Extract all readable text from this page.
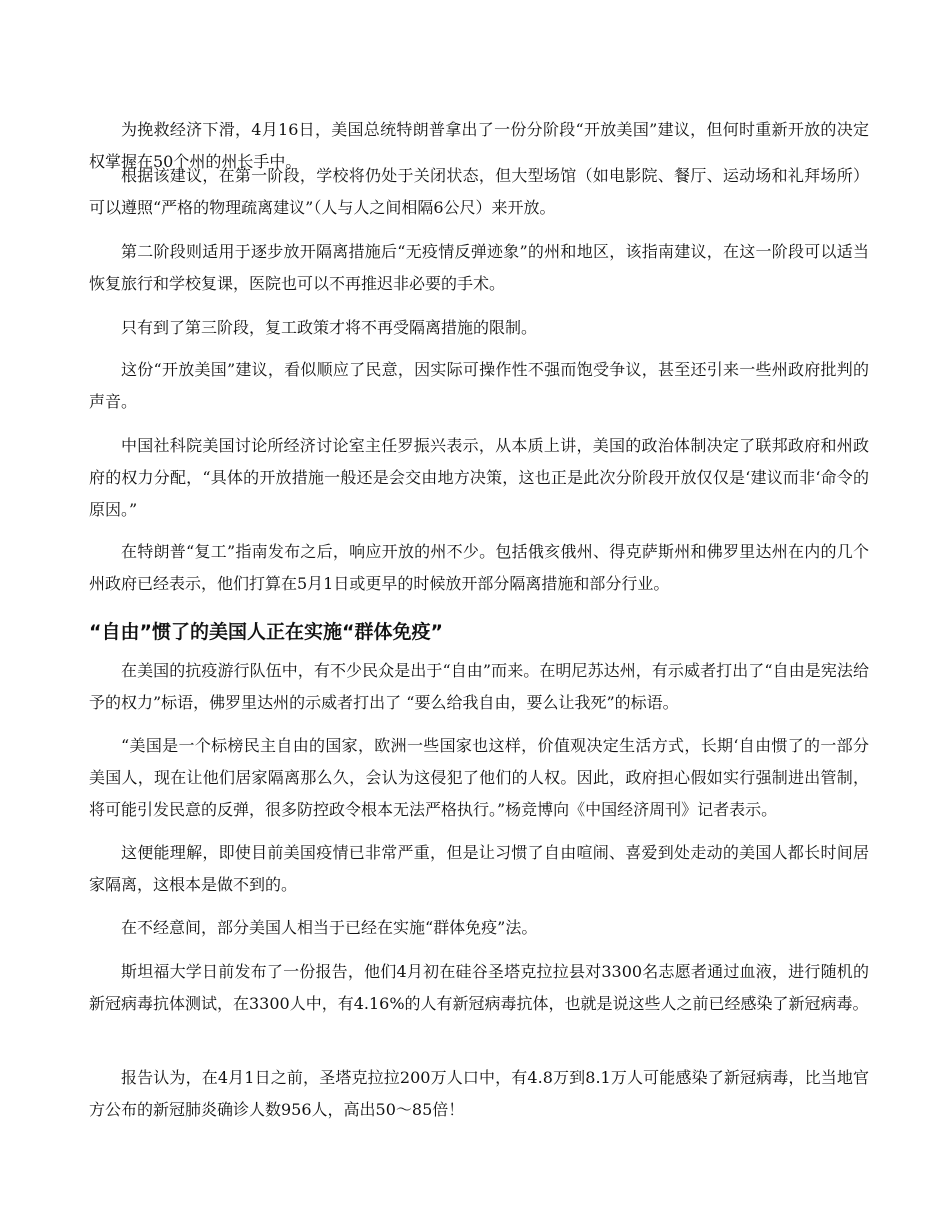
为挽救经济下滑，4月16日，美国总统特朗普拿出了一份分阶段“开放美国”建议，但何时重新开放的决定权掌握在50个州的州长手中。

根据该建议，在第一阶段，学校将仍处于关闭状态，但大型场馆（如电影院、餐厅、运动场和礼拜场所）可以遵照“严格的物理疏离建议”（人与人之间相隔6公尺）来开放。

第二阶段则适用于逐步放开隔离措施后“无疫情反弹迹象”的州和地区，该指南建议，在这一阶段可以适当恢复旅行和学校复课，医院也可以不再推迟非必要的手术。

只有到了第三阶段，复工政策才将不再受隔离措施的限制。

这份“开放美国”建议，看似顺应了民意，因实际可操作性不强而饱受争议，甚至还引来一些州政府批判的声音。

中国社科院美国讨论所经济讨论室主任罗振兴表示，从本质上讲，美国的政治体制决定了联邦政府和州政府的权力分配，“具体的开放措施一般还是会交由地方决策，这也正是此次分阶段开放仅仅是‘建议而非‘命令的原因。”

在特朗普“复工”指南发布之后，响应开放的州不少。包括俄亥俄州、得克萨斯州和佛罗里达州在内的几个州政府已经表示，他们打算在5月1日或更早的时候放开部分隔离措施和部分行业。

“自由”惯了的美国人正在实施“群体免疫”

在美国的抗疫游行队伍中，有不少民众是出于“自由”而来。在明尼苏达州，有示威者打出了“自由是宪法给予的权力”标语，佛罗里达州的示威者打出了 “要么给我自由，要么让我死”的标语。

“美国是一个标榜民主自由的国家，欧洲一些国家也这样，价值观决定生活方式，长期‘自由惯了的一部分美国人，现在让他们居家隔离那么久，会认为这侵犯了他们的人权。因此，政府担心假如实行强制进出管制，将可能引发民意的反弹，很多防控政令根本无法严格执行。”杨竞博向《中国经济周刊》记者表示。

这便能理解，即使目前美国疫情已非常严重，但是让习惯了自由喧闹、喜爱到处走动的美国人都长时间居家隔离，这根本是做不到的。

在不经意间，部分美国人相当于已经在实施“群体免疫”法。

斯坦福大学日前发布了一份报告，他们4月初在硅谷圣塔克拉拉县对3300名志愿者通过血液，进行随机的新冠病毒抗体测试，在3300人中，有4.16%的人有新冠病毒抗体，也就是说这些人之前已经感染了新冠病毒。

报告认为，在4月1日之前，圣塔克拉拉200万人口中，有4.8万到8.1万人可能感染了新冠病毒，比当地官方公布的新冠肺炎确诊人数956人，高出50～85倍！
